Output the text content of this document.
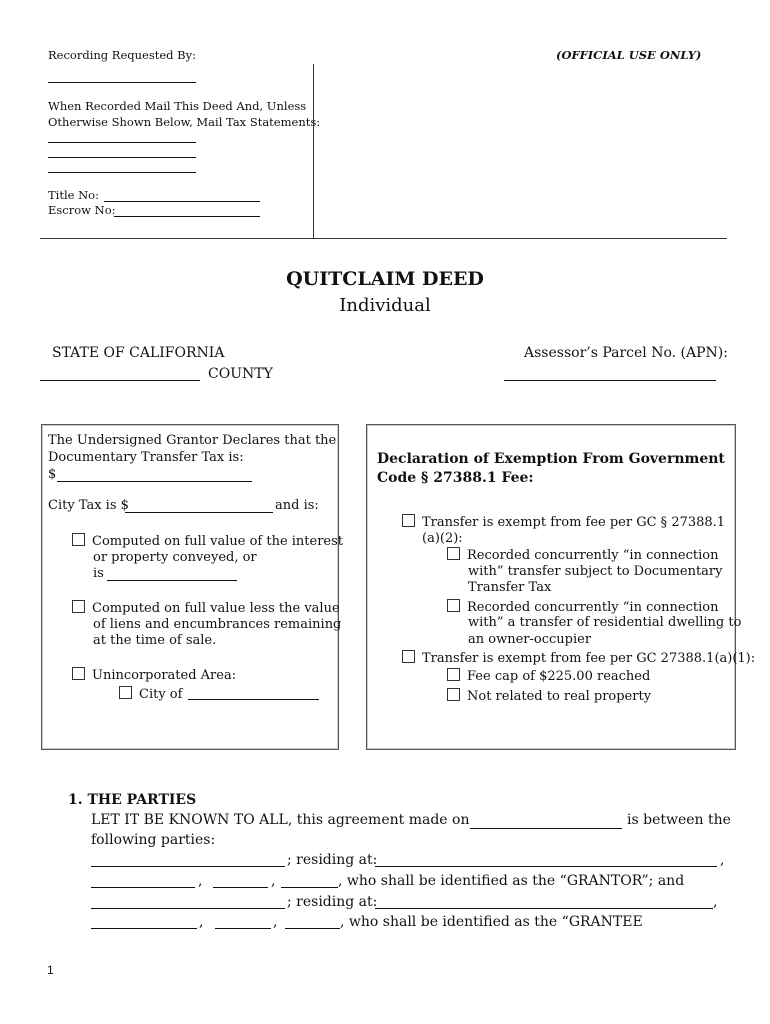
Recording Requested By:	(OFFICIAL USE ONLY)
When Recorded Mail This Deed And, Unless
Otherwise Shown Below, Mail Tax Statements:
Title No:
Escrow No:
QUITCLAIM DEED
Individual
STATE OF CALIFORNIA
COUNTY
Assessor’s Parcel No. (APN):
The Undersigned Grantor Declares that the
Documentary Transfer Tax is:
$
City Tax is $	and is:
Computed on full value of the interest
or property conveyed, or
is
Computed on full value less the value
of liens and encumbrances remaining
at the time of sale.
Unincorporated Area:
City of
Declaration of Exemption From Government
Code § 27388.1 Fee:
Transfer is exempt from fee per GC § 27388.1
(a)(2):
Recorded concurrently “in connection
with” transfer subject to Documentary
Transfer Tax
Recorded concurrently “in connection
with” a transfer of residential dwelling to
an owner-occupier
Transfer is exempt from fee per GC 27388.1(a)(1):
Fee cap of $225.00 reached
Not related to real property
1. THE PARTIES
LET IT BE KNOWN TO ALL, this agreement made on	is between the
following parties:
; residing at:	,
,	,	, who shall be identified as the “GRANTOR”; and
; residing at:	,
,	,	, who shall be identified as the “GRANTEE
1
